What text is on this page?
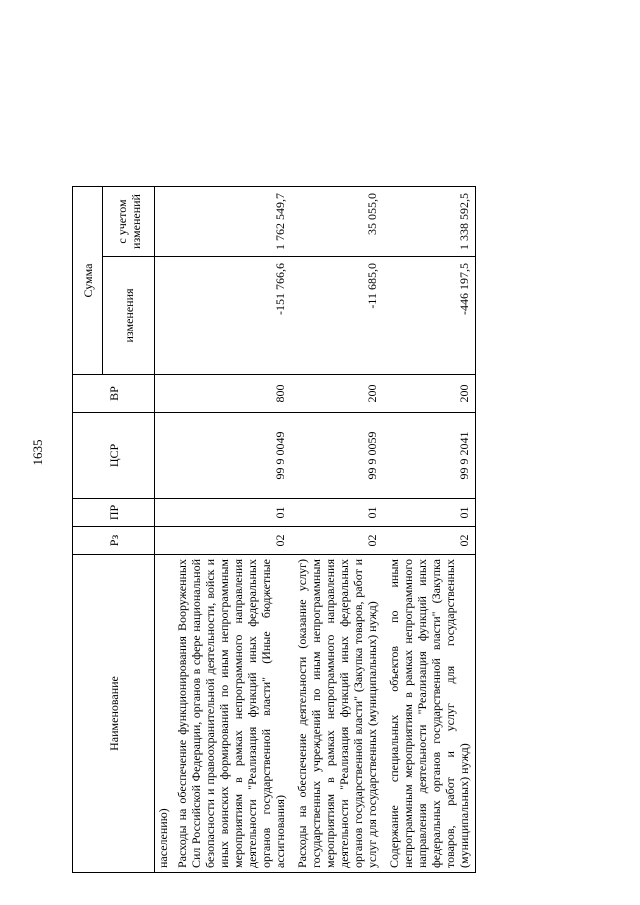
1635
Наименование	Рз	ПР	ЦСР	ВР	Сумма	
					изменения	с учетом изменений
населению)						
Расходы на обеспечение функционирования Вооруженных Сил Российской Федерации, органов в сфере национальной безопасности и правоохранительной деятельности, войск и иных воинских формирований по иным непрограммным мероприятиям в рамках непрограммного направления деятельности "Реализация функций иных федеральных органов государственной власти" (Иные бюджетные ассигнования)	02	01	99 9 0049	800	-151 766,6	1 762 549,7
Расходы на обеспечение деятельности (оказание услуг) государственных учреждений по иным непрограммным мероприятиям в рамках непрограммного направления деятельности "Реализация функций иных федеральных органов государственной власти" (Закупка товаров, работ и услуг для государственных (муниципальных) нужд)	02	01	99 9 0059	200	-11 685,0	35 055,0
Содержание специальных объектов по иным непрограммным мероприятиям в рамках непрограммного направления деятельности "Реализация функций иных федеральных органов государственной власти" (Закупка товаров, работ и услуг для государственных (муниципальных) нужд)	02	01	99 9 2041	200	-446 197,5	1 338 592,5
